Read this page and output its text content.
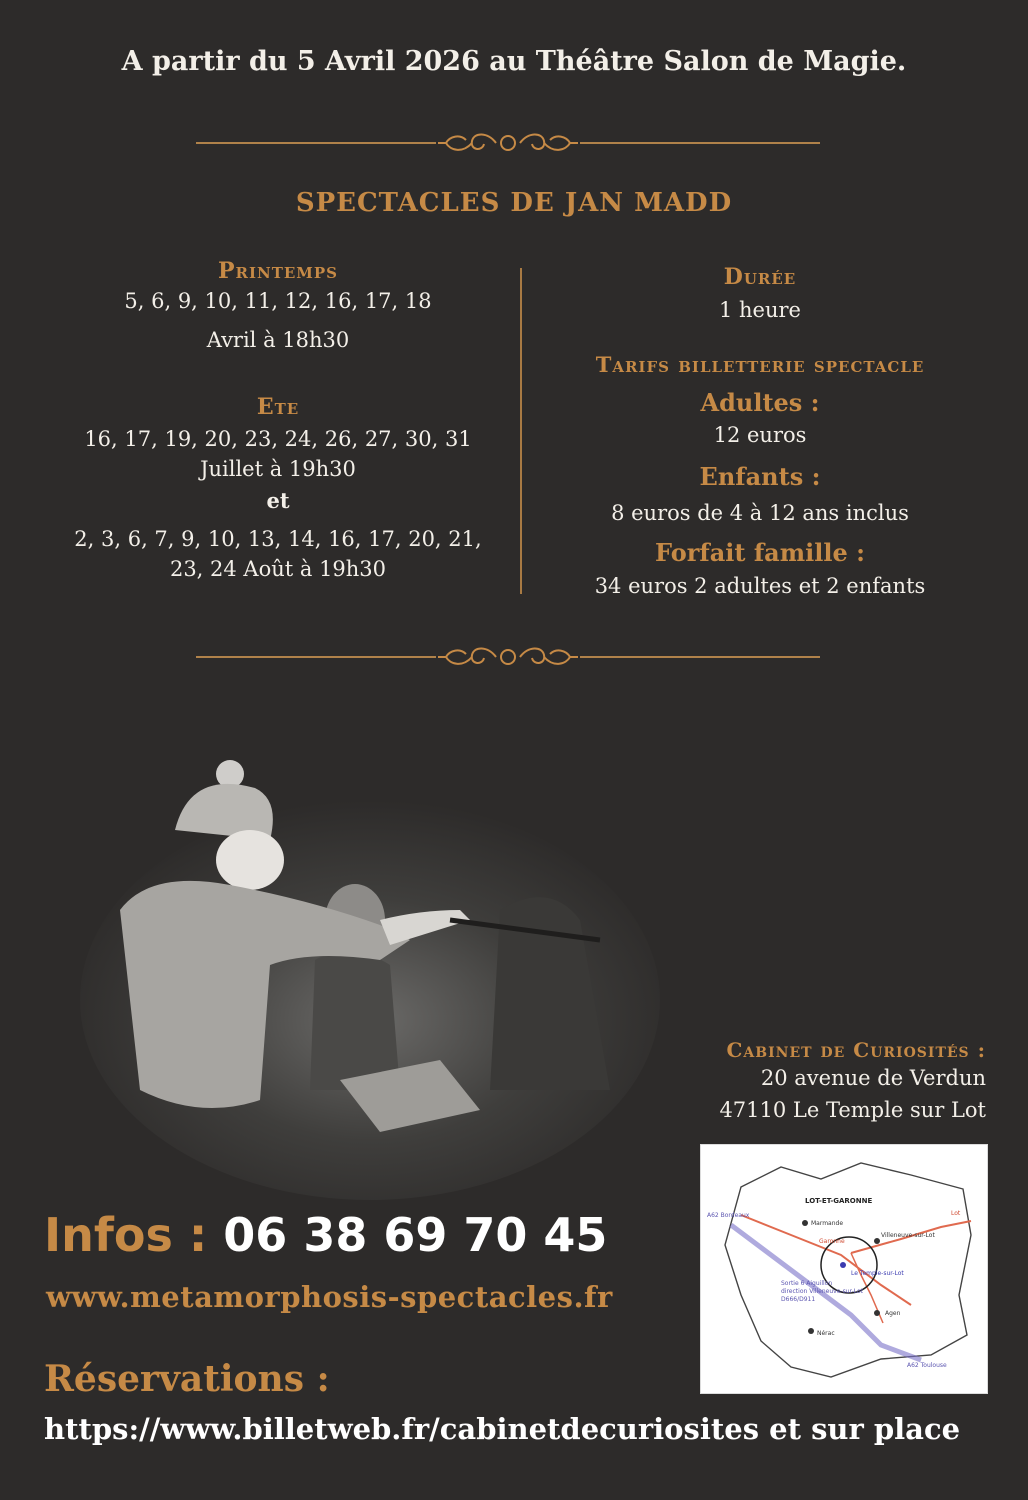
A partir du 5 Avril 2026 au Théâtre Salon de Magie.
SPECTACLES DE JAN MADD
Printemps
5, 6, 9, 10, 11, 12, 16, 17, 18
Avril à 18h30
Ete
16, 17, 19, 20, 23, 24, 26, 27, 30, 31
Juillet à 19h30
et
2, 3, 6, 7, 9, 10, 13, 14, 16, 17, 20, 21,
23, 24 Août à 19h30
Durée
1 heure
Tarifs billetterie spectacle
Adultes :
12 euros
Enfants :
8 euros de 4 à 12 ans inclus
Forfait famille :
34 euros 2 adultes et 2 enfants
Cabinet de Curiosités :
20 avenue de Verdun
47110 Le Temple sur Lot
LOT-ET-GARONNE
A62 Bordeaux
Marmande
Garonne
Lot
Villeneuve-sur-Lot
Le Temple-sur-Lot
Sortie 6 Aiguillon
direction Villeneuve-sur-Lot
D666/D911
Agen
Nérac
A62 Toulouse
Infos : 06 38 69 70 45
www.metamorphosis-spectacles.fr
Réservations :
https://www.billetweb.fr/cabinetdecuriosites et sur place
